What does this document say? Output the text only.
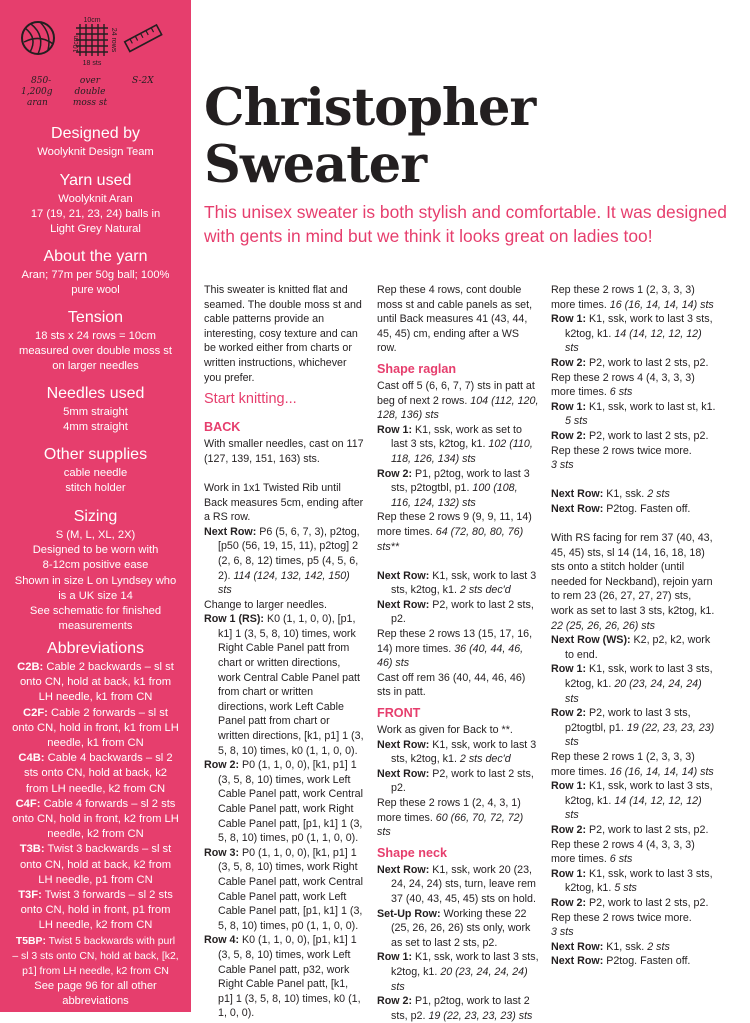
10cm
10cm	24 rows
18 sts
850-
1,200g
aran
over
double
moss st
S-2X
Designed by
Woolyknit Design Team
Yarn used
Woolyknit Aran
17 (19, 21, 23, 24) balls in
Light Grey Natural
About the yarn
Aran; 77m per 50g ball; 100%
pure wool
Tension
18 sts x 24 rows = 10cm
measured over double moss st
on larger needles
Needles used
5mm straight
4mm straight
Other supplies
cable needle
stitch holder
Sizing
S (M, L, XL, 2X)
Designed to be worn with
8-12cm positive ease
Shown in size L on Lyndsey who
is a UK size 14
See schematic for finished
measurements
Abbreviations
C2B: Cable 2 backwards – sl st onto CN, hold at back, k1 from LH needle, k1 from CN
C2F: Cable 2 forwards – sl st onto CN, hold in front, k1 from LH needle, k1 from CN
C4B: Cable 4 backwards – sl 2 sts onto CN, hold at back, k2 from LH needle, k2 from CN
C4F: Cable 4 forwards – sl 2 sts onto CN, hold in front, k2 from LH needle, k2 from CN
T3B: Twist 3 backwards – sl st onto CN, hold at back, k2 from LH needle, p1 from CN
T3F: Twist 3 forwards – sl 2 sts onto CN, hold in front, p1 from LH needle, k2 from CN
T5BP: Twist 5 backwards with purl – sl 3 sts onto CN, hold at back, [k2, p1] from LH needle, k2 from CN
See page 96 for all other abbreviations
Christopher
Sweater
This unisex sweater is both stylish and comfortable. It was designed with gents in mind but we think it looks great on ladies too!

This sweater is knitted flat and seamed. The double moss st and cable patterns provide an interesting, cosy texture and can be worked either from charts or written instructions, whichever you prefer.

Start knitting...
BACK

With smaller needles, cast on 117 (127, 139, 151, 163) sts.

Work in 1x1 Twisted Rib until Back measures 5cm, ending after a RS row.

Next Row: P6 (5, 6, 7, 3), p2tog, [p50 (56, 19, 15, 11), p2tog] 2 (2, 6, 8, 12) times, p5 (4, 5, 6, 2). 114 (124, 132, 142, 150) sts

Change to larger needles.

Row 1 (RS): K0 (1, 1, 0, 0), [p1, k1] 1 (3, 5, 8, 10) times, work Right Cable Panel patt from chart or written directions, work Central Cable Panel patt from chart or written directions, work Left Cable Panel patt from chart or written directions, [k1, p1] 1 (3, 5, 8, 10) times, k0 (1, 1, 0, 0).

Row 2: P0 (1, 1, 0, 0), [k1, p1] 1 (3, 5, 8, 10) times, work Left Cable Panel patt, work Central Cable Panel patt, work Right Cable Panel patt, [p1, k1] 1 (3, 5, 8, 10) times, p0 (1, 1, 0, 0).

Row 3: P0 (1, 1, 0, 0), [k1, p1] 1 (3, 5, 8, 10) times, work Right Cable Panel patt, work Central Cable Panel patt, work Left Cable Panel patt, [p1, k1] 1 (3, 5, 8, 10) times, p0 (1, 1, 0, 0).

Row 4: K0 (1, 1, 0, 0), [p1, k1] 1 (3, 5, 8, 10) times, work Left Cable Panel patt, p32, work Right Cable Panel patt, [k1, p1] 1 (3, 5, 8, 10) times, k0 (1, 1, 0, 0).

Rep these 4 rows, cont double moss st and cable panels as set, until Back measures 41 (43, 44, 45, 45) cm, ending after a WS row.

Shape raglan

Cast off 5 (6, 6, 7, 7) sts in patt at beg of next 2 rows. 104 (112, 120, 128, 136) sts

Row 1: K1, ssk, work as set to last 3 sts, k2tog, k1. 102 (110, 118, 126, 134) sts

Row 2: P1, p2tog, work to last 3 sts, p2togtbl, p1. 100 (108, 116, 124, 132) sts

Rep these 2 rows 9 (9, 9, 11, 14) more times. 64 (72, 80, 80, 76) sts**

Next Row: K1, ssk, work to last 3 sts, k2tog, k1. 2 sts dec'd

Next Row: P2, work to last 2 sts, p2.

Rep these 2 rows 13 (15, 17, 16, 14) more times. 36 (40, 44, 46, 46) sts

Cast off rem 36 (40, 44, 46, 46) sts in patt.

FRONT

Work as given for Back to **.

Next Row: K1, ssk, work to last 3 sts, k2tog, k1. 2 sts dec'd

Next Row: P2, work to last 2 sts, p2.

Rep these 2 rows 1 (2, 4, 3, 1) more times. 60 (66, 70, 72, 72) sts

Shape neck

Next Row: K1, ssk, work 20 (23, 24, 24, 24) sts, turn, leave rem 37 (40, 43, 45, 45) sts on hold.

Set-Up Row: Working these 22 (25, 26, 26, 26) sts only, work as set to last 2 sts, p2.

Row 1: K1, ssk, work to last 3 sts, k2tog, k1. 20 (23, 24, 24, 24) sts

Row 2: P1, p2tog, work to last 2 sts, p2. 19 (22, 23, 23, 23) sts

Rep these 2 rows 1 (2, 3, 3, 3) more times. 16 (16, 14, 14, 14) sts

Row 1: K1, ssk, work to last 3 sts, k2tog, k1. 14 (14, 12, 12, 12) sts

Row 2: P2, work to last 2 sts, p2.

Rep these 2 rows 4 (4, 3, 3, 3) more times. 6 sts

Row 1: K1, ssk, work to last st, k1. 5 sts

Row 2: P2, work to last 2 sts, p2.

Rep these 2 rows twice more.

3 sts

Next Row: K1, ssk. 2 sts

Next Row: P2tog. Fasten off.

With RS facing for rem 37 (40, 43, 45, 45) sts, sl 14 (14, 16, 18, 18) sts onto a stitch holder (until needed for Neckband), rejoin yarn to rem 23 (26, 27, 27, 27) sts, work as set to last 3 sts, k2tog, k1. 22 (25, 26, 26, 26) sts

Next Row (WS): K2, p2, k2, work to end.

Row 1: K1, ssk, work to last 3 sts, k2tog, k1. 20 (23, 24, 24, 24) sts

Row 2: P2, work to last 3 sts, p2togtbl, p1. 19 (22, 23, 23, 23) sts

Rep these 2 rows 1 (2, 3, 3, 3) more times. 16 (16, 14, 14, 14) sts

Row 1: K1, ssk, work to last 3 sts, k2tog, k1. 14 (14, 12, 12, 12) sts

Row 2: P2, work to last 2 sts, p2.

Rep these 2 rows 4 (4, 3, 3, 3) more times. 6 sts

Row 1: K1, ssk, work to last 3 sts, k2tog, k1. 5 sts

Row 2: P2, work to last 2 sts, p2.

Rep these 2 rows twice more.

3 sts

Next Row: K1, ssk. 2 sts

Next Row: P2tog. Fasten off.
